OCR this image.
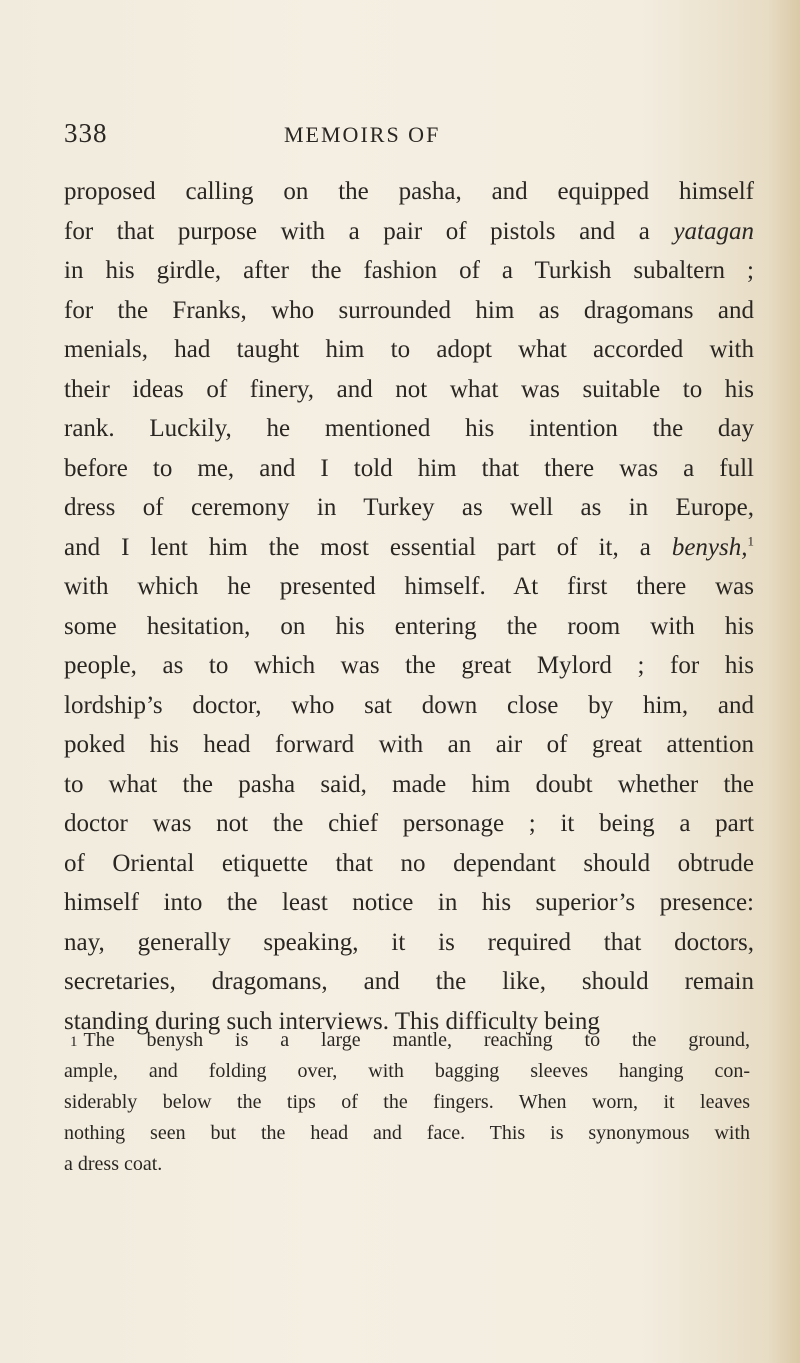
338	MEMOIRS OF
proposed calling on the pasha, and equipped himself
for that purpose with a pair of pistols and a yatagan
in his girdle, after the fashion of a Turkish subaltern ;
for the Franks, who surrounded him as dragomans and
menials, had taught him to adopt what accorded with
their ideas of finery, and not what was suitable to his
rank. Luckily, he mentioned his intention the day
before to me, and I told him that there was a full
dress of ceremony in Turkey as well as in Europe,
and I lent him the most essential part of it, a benysh,$^1$
with which he presented himself. At first there was
some hesitation, on his entering the room with his
people, as to which was the great Mylord ; for his
lordship’s doctor, who sat down close by him, and
poked his head forward with an air of great attention
to what the pasha said, made him doubt whether the
doctor was not the chief personage ; it being a part
of Oriental etiquette that no dependant should obtrude
himself into the least notice in his superior’s presence:
nay, generally speaking, it is required that doctors,
secretaries, dragomans, and the like, should remain
standing during such interviews. This difficulty being
1 The benysh is a large mantle, reaching to the ground,
ample, and folding over, with bagging sleeves hanging con-
siderably below the tips of the fingers. When worn, it leaves
nothing seen but the head and face. This is synonymous with
a dress coat.
